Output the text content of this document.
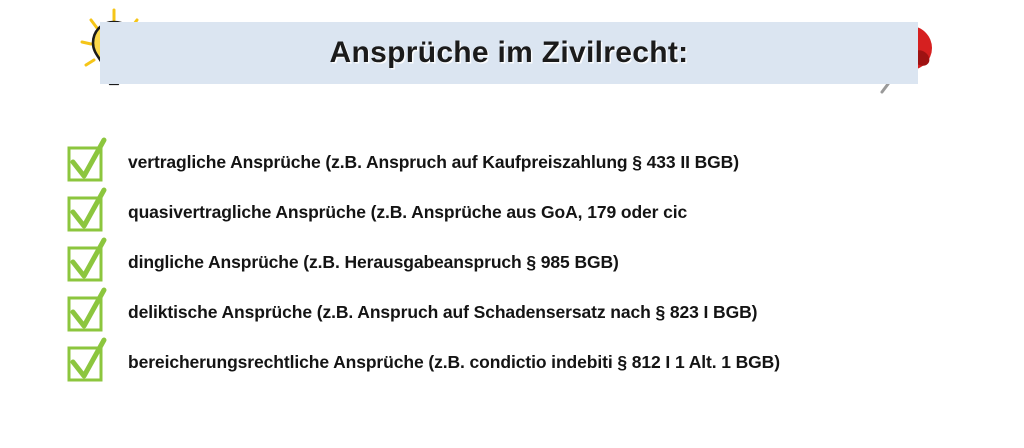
Ansprüche im Zivilrecht:
vertragliche Ansprüche (z.B. Anspruch auf Kaufpreiszahlung § 433 II BGB)
quasivertragliche Ansprüche (z.B. Ansprüche aus GoA, 179 oder cic
dingliche Ansprüche (z.B. Herausgabeanspruch § 985 BGB)
deliktische Ansprüche (z.B. Anspruch auf Schadensersatz nach § 823 I BGB)
bereicherungsrechtliche Ansprüche (z.B. condictio indebiti § 812 I 1 Alt. 1 BGB)
